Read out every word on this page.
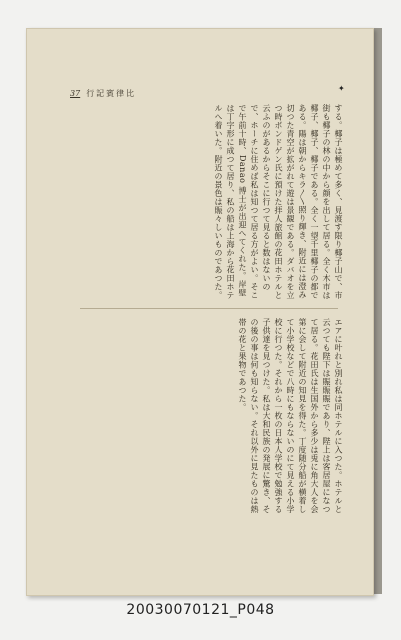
37 行記賓律比	✦
する。椰子は極めて多く、見渡す限り椰子山で、市街も椰子の林の中から顔を出して居る。全く木市は椰子、椰子、椰子である。全く一望千里椰子の都である。陽は朝からキラ〳〵照り輝き、附近には澄み切つた青空が拡がれて遊は景観である。ダバオを立つ時ボンドゲン氏に預けた拝人旅館の花田ホテルと云ふのがあるからそこに行つて見ると数はないので、ホーチに住めば私は知つて居る方がよい。そこで午前十時、Danao 博士が出迎へてくれた。岸壁は丁字形に成つて居り、私の船は上海から花田ホテルへ着いた。附近の景色は賑々しいものであつた。
エアに叶れと別れ私は同ホテルに入つた。ホテルと云つても陛下は賑賑賑であり、陛上は客居屋になつて居る。花田氏は生国外から多少は兎に角大人を会第に会して附近の知見を得た。丁度随分船が横着して小学校などで八時にもならないのにて見える小学校に行つた。それから一枚の日本人学校で勉強する子供達を見つけた。私は大和民族の発展に驚き、その後の事は何も知らない。それ以外に見たものは熱帯の花と果物であつた。
20030070121_P048
